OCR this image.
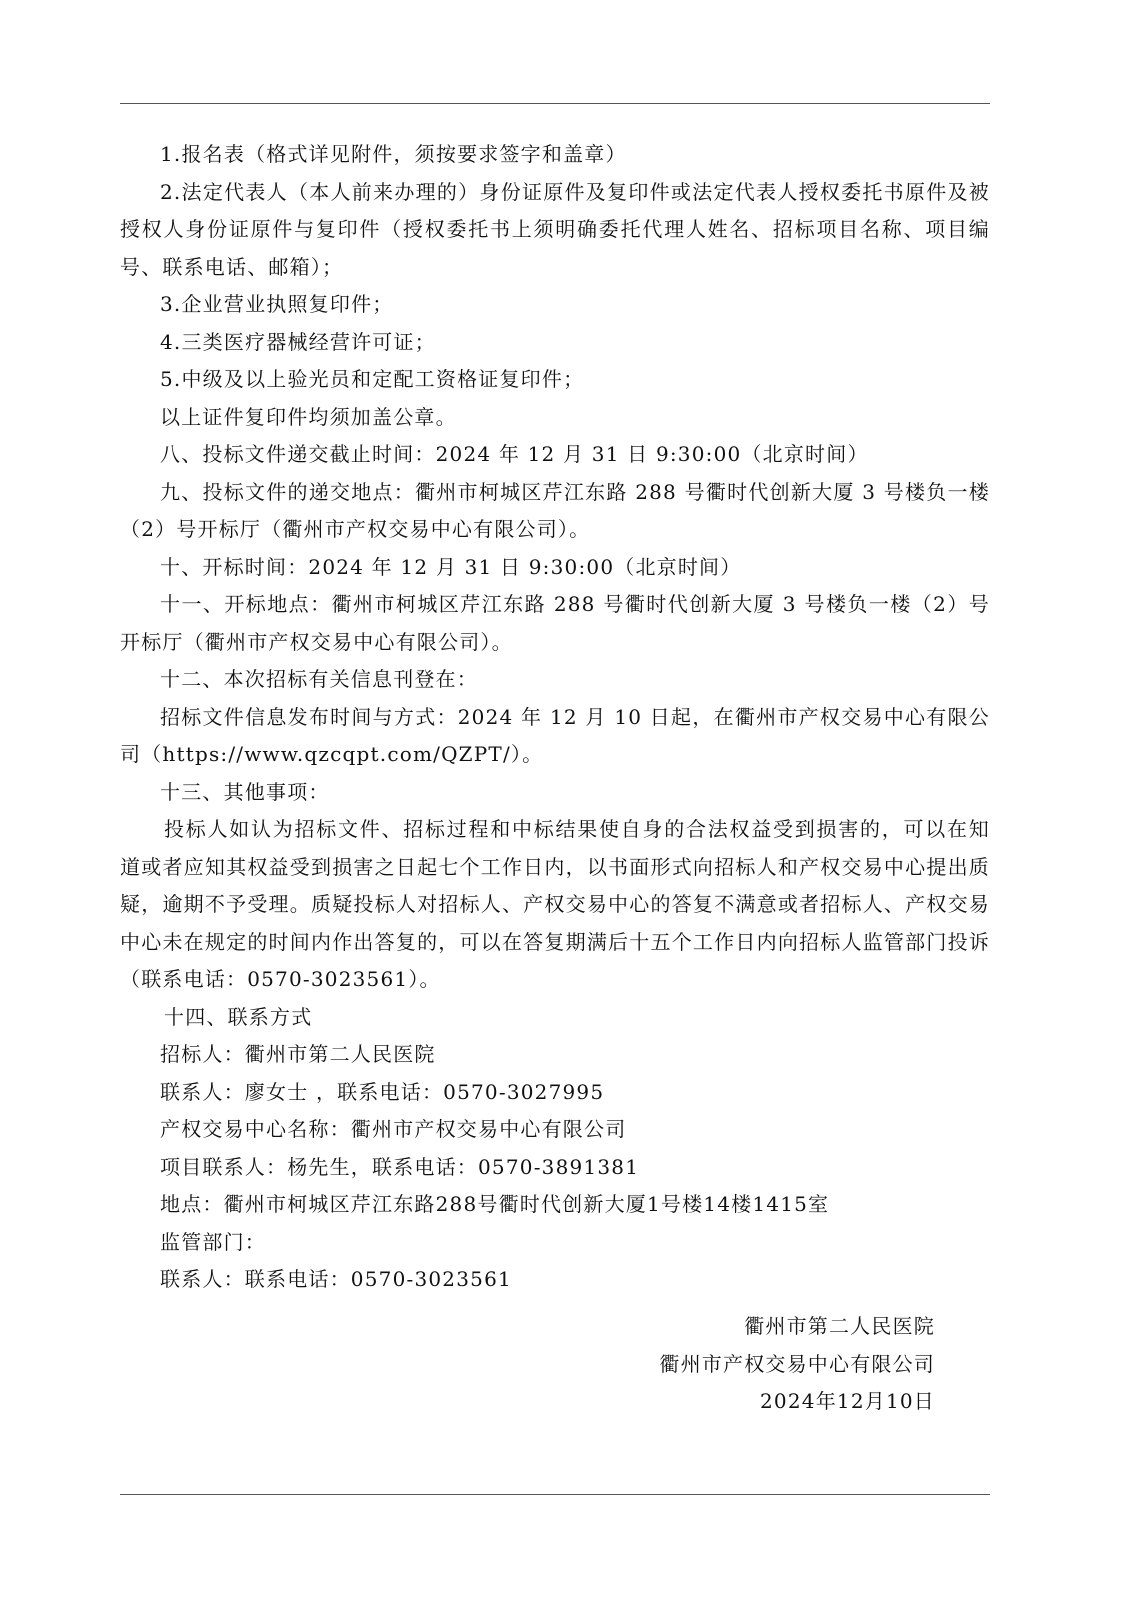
1.报名表（格式详见附件，须按要求签字和盖章）

2.法定代表人（本人前来办理的）身份证原件及复印件或法定代表人授权委托书原件及被授权人身份证原件与复印件（授权委托书上须明确委托代理人姓名、招标项目名称、项目编号、联系电话、邮箱）；

3.企业营业执照复印件；

4.三类医疗器械经营许可证；

5.中级及以上验光员和定配工资格证复印件；

以上证件复印件均须加盖公章。

八、投标文件递交截止时间：2024 年 12 月 31 日 9:30:00（北京时间）

九、投标文件的递交地点：衢州市柯城区芹江东路 288 号衢时代创新大厦 3 号楼负一楼（2）号开标厅（衢州市产权交易中心有限公司）。

十、开标时间：2024 年 12 月 31 日 9:30:00（北京时间）

十一、开标地点：衢州市柯城区芹江东路 288 号衢时代创新大厦 3 号楼负一楼（2）号开标厅（衢州市产权交易中心有限公司）。

十二、本次招标有关信息刊登在：

招标文件信息发布时间与方式：2024 年 12 月 10 日起，在衢州市产权交易中心有限公司（https://www.qzcqpt.com/QZPT/）。

十三、其他事项：

投标人如认为招标文件、招标过程和中标结果使自身的合法权益受到损害的，可以在知道或者应知其权益受到损害之日起七个工作日内，以书面形式向招标人和产权交易中心提出质疑，逾期不予受理。质疑投标人对招标人、产权交易中心的答复不满意或者招标人、产权交易中心未在规定的时间内作出答复的，可以在答复期满后十五个工作日内向招标人监管部门投诉（联系电话：0570-3023561）。

十四、联系方式

招标人：衢州市第二人民医院

联系人：廖女士 ，联系电话：0570-3027995

产权交易中心名称：衢州市产权交易中心有限公司

项目联系人：杨先生，联系电话：0570-3891381

地点：衢州市柯城区芹江东路288号衢时代创新大厦1号楼14楼1415室

监管部门：

联系人：联系电话：0570-3023561

衢州市第二人民医院
衢州市产权交易中心有限公司
2024年12月10日
